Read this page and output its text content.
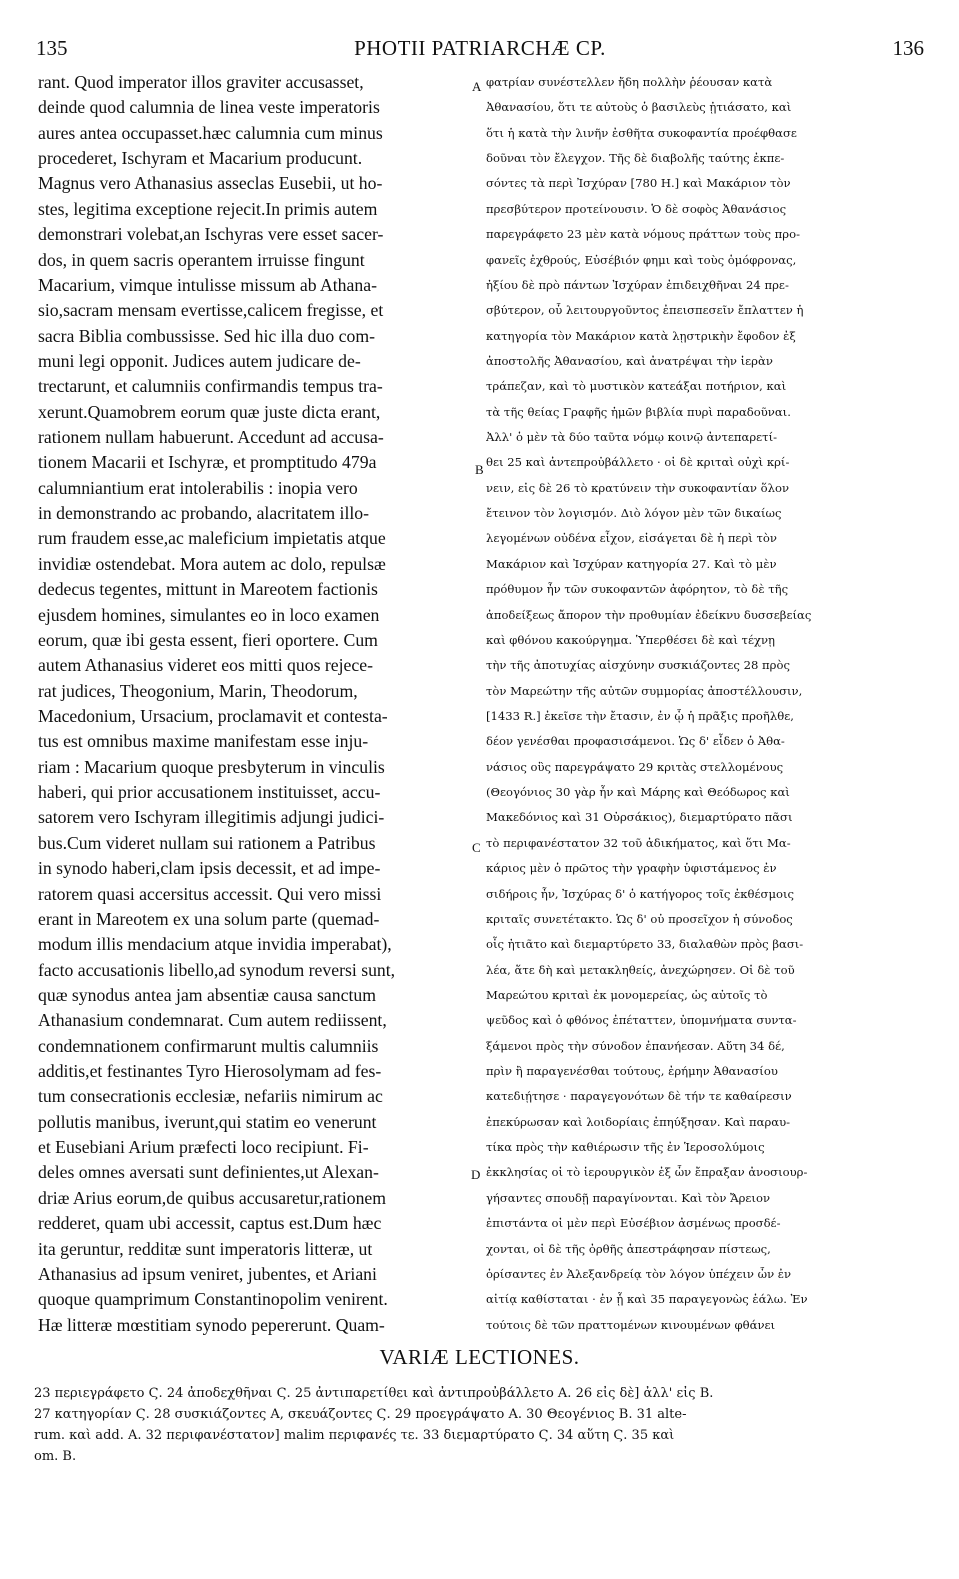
135	PHOTII PATRIARCHÆ CP.	136
rant. Quod imperator illos graviter accusasset,
deinde quod calumnia de linea veste imperatoris
aures antea occupasset.hæc calumnia cum minus
procederet, Ischyram et Macarium producunt.
Magnus vero Athanasius asseclas Eusebii, ut ho-
stes, legitima exceptione rejecit.In primis autem
demonstrari volebat,an Ischyras vere esset sacer-
dos, in quem sacris operantem irruisse fingunt
Macarium, vimque intulisse missum ab Athana-
sio,sacram mensam evertisse,calicem fregisse, et
sacra Biblia combussisse. Sed hic illa duo com-
muni legi opponit. Judices autem judicare de-
trectarunt, et calumniis confirmandis tempus tra-
xerunt.Quamobrem eorum quæ juste dicta erant,
rationem nullam habuerunt. Accedunt ad accusa-
tionem Macarii et Ischyræ, et promptitudo 479a
calumniantium erat intolerabilis : inopia vero
in demonstrando ac probando, alacritatem illo-
rum fraudem esse,ac maleficium impietatis atque
invidiæ ostendebat. Mora autem ac dolo, repulsæ
dedecus tegentes, mittunt in Mareotem factionis
ejusdem homines, simulantes eo in loco examen
eorum, quæ ibi gesta essent, fieri oportere. Cum
autem Athanasius videret eos mitti quos rejece-
rat judices, Theogonium, Marin, Theodorum,
Macedonium, Ursacium, proclamavit et contesta-
tus est omnibus maxime manifestam esse inju-
riam : Macarium quoque presbyterum in vinculis
haberi, qui prior accusationem instituisset, accu-
satorem vero Ischyram illegitimis adjungi judici-
bus.Cum videret nullam sui rationem a Patribus
in synodo haberi,clam ipsis decessit, et ad impe-
ratorem quasi accersitus accessit. Qui vero missi
erant in Mareotem ex una solum parte (quemad-
modum illis mendacium atque invidia imperabat),
facto accusationis libello,ad synodum reversi sunt,
quæ synodus antea jam absentiæ causa sanctum
Athanasium condemnarat. Cum autem rediissent,
condemnationem confirmarunt multis calumniis
additis,et festinantes Tyro Hierosolymam ad fes-
tum consecrationis ecclesiæ, nefariis nimirum ac
pollutis manibus, iverunt,qui statim eo venerunt
et Eusebiani Arium præfecti loco recipiunt. Fi-
deles omnes aversati sunt definientes,ut Alexan-
driæ Arius eorum,de quibus accusaretur,rationem
redderet, quam ubi accessit, captus est.Dum hæc
ita geruntur, redditæ sunt imperatoris litteræ, ut
Athanasius ad ipsum veniret, jubentes, et Ariani
quoque quamprimum Constantinopolim venirent.
Hæ litteræ mœstitiam synodo pepererunt. Quam-
φατρίαν συνέστελλεν ἤδη πολλὴν ῥέουσαν κατὰ
Ἀθανασίου, ὅτι τε αὐτοὺς ὁ βασιλεὺς ᾐτιάσατο, καὶ
ὅτι ἡ κατὰ τὴν λινῆν ἐσθῆτα συκοφαντία προέφθασε
δοῦναι τὸν ἔλεγχον. Τῆς δὲ διαβολῆς ταύτης ἐκπε-
σόντες τὰ περὶ Ἰσχύραν [780 H.] καὶ Μακάριον τὸν
πρεσβύτερον προτείνουσιν. Ὁ δὲ σοφὸς Ἀθανάσιος
παρεγράφετο 23 μὲν κατὰ νόμους πράττων τοὺς προ-
φανεῖς ἐχθρούς, Εὐσέβιόν φημι καὶ τοὺς ὁμόφρονας,
ἠξίου δὲ πρὸ πάντων Ἰσχύραν ἐπιδειχθῆναι 24 πρε-
σβύτερον, οὗ λειτουργοῦντος ἐπεισπεσεῖν ἔπλαττεν ἡ
κατηγορία τὸν Μακάριον κατὰ λῃστρικὴν ἔφοδον ἐξ
ἀποστολῆς Ἀθανασίου, καὶ ἀνατρέψαι τὴν ἱερὰν
τράπεζαν, καὶ τὸ μυστικὸν κατεάξαι ποτήριον, καὶ
τὰ τῆς θείας Γραφῆς ἡμῶν βιβλία πυρὶ παραδοῦναι.
Ἀλλ' ὁ μὲν τὰ δύο ταῦτα νόμῳ κοινῷ ἀντεπαρετί-
θει 25 καὶ ἀντεπροὐβάλλετο · οἱ δὲ κριταὶ οὐχὶ κρί-
νειν, εἰς δὲ 26 τὸ κρατύνειν τὴν συκοφαντίαν ὅλον
ἔτεινον τὸν λογισμόν. Διὸ λόγον μὲν τῶν δικαίως
λεγομένων οὐδένα εἶχον, εἰσάγεται δὲ ἡ περὶ τὸν
Μακάριον καὶ Ἰσχύραν κατηγορία 27. Καὶ τὸ μὲν
πρόθυμον ἦν τῶν συκοφαντῶν ἀφόρητον, τὸ δὲ τῆς
ἀποδείξεως ἄπορον τὴν προθυμίαν ἐδείκνυ δυσσεβείας
καὶ φθόνου κακούργημα. Ὑπερθέσει δὲ καὶ τέχνῃ
τὴν τῆς ἀποτυχίας αἰσχύνην συσκιάζοντες 28 πρὸς
τὸν Μαρεώτην τῆς αὐτῶν συμμορίας ἀποστέλλουσιν,
[1433 R.] ἐκεῖσε τὴν ἔτασιν, ἐν ᾧ ἡ πρᾶξις προῆλθε,
δέον γενέσθαι προφασισάμενοι. Ὡς δ' εἶδεν ὁ Ἀθα-
νάσιος οὓς παρεγράψατο 29 κριτὰς στελλομένους
(Θεογόνιος 30 γὰρ ἦν καὶ Μάρης καὶ Θεόδωρος καὶ
Μακεδόνιος καὶ 31 Οὐρσάκιος), διεμαρτύρατο πᾶσι
τὸ περιφανέστατον 32 τοῦ ἀδικήματος, καὶ ὅτι Μα-
κάριος μὲν ὁ πρῶτος τὴν γραφὴν ὑφιστάμενος ἐν
σιδήροις ἦν, Ἰσχύρας δ' ὁ κατήγορος τοῖς ἐκθέσμοις
κριταῖς συνετέτακτο. Ὡς δ' οὐ προσεῖχον ἡ σύνοδος
οἷς ἠτιᾶτο καὶ διεμαρτύρετο 33, διαλαθὼν πρὸς βασι-
λέα, ἅτε δὴ καὶ μετακληθείς, ἀνεχώρησεν. Οἱ δὲ τοῦ
Μαρεώτου κριταὶ ἐκ μονομερείας, ὡς αὐτοῖς τὸ
ψεῦδος καὶ ὁ φθόνος ἐπέταττεν, ὑπομνήματα συντα-
ξάμενοι πρὸς τὴν σύνοδον ἐπανήεσαν. Αὕτη 34 δέ,
πρὶν ἢ παραγενέσθαι τούτους, ἐρήμην Ἀθανασίου
κατεδιῄτησε · παραγεγονότων δὲ τήν τε καθαίρεσιν
ἐπεκύρωσαν καὶ λοιδορίαις ἐπηύξησαν. Καὶ παραυ-
τίκα πρὸς τὴν καθιέρωσιν τῆς ἐν Ἱεροσολύμοις
ἐκκλησίας οἱ τὸ ἱερουργικὸν ἐξ ὧν ἔπραξαν ἀνοσιουρ-
γήσαντες σπουδῇ παραγίνονται. Καὶ τὸν Ἄρειον
ἐπιστάντα οἱ μὲν περὶ Εὐσέβιον ἀσμένως προσδέ-
χονται, οἱ δὲ τῆς ὀρθῆς ἀπεστράφησαν πίστεως,
ὁρίσαντες ἐν Ἀλεξανδρείᾳ τὸν λόγον ὑπέχειν ὧν ἐν
αἰτίᾳ καθίσταται · ἐν ᾗ καὶ 35 παραγεγονὼς ἑάλω. Ἐν
τούτοις δὲ τῶν πραττομένων κινουμένων φθάνει
A
B
C
D
VARIÆ LECTIONES.
23 περιεγράφετο Ϛ. 24 ἀποδεχθῆναι Ϛ. 25 ἀντιπαρετίθει καὶ ἀντιπροὐβάλλετο A. 26 εἰς δὲ] ἀλλ' εἰς B.
27 κατηγορίαν Ϛ. 28 συσκιάζοντες A, σκευάζοντες Ϛ. 29 προεγράψατο A. 30 Θεογένιος B. 31 alte-
rum. καὶ add. A. 32 περιφανέστατον] malim περιφανές τε. 33 διεμαρτύρατο Ϛ. 34 αὕτη Ϛ. 35 καὶ
om. B.
